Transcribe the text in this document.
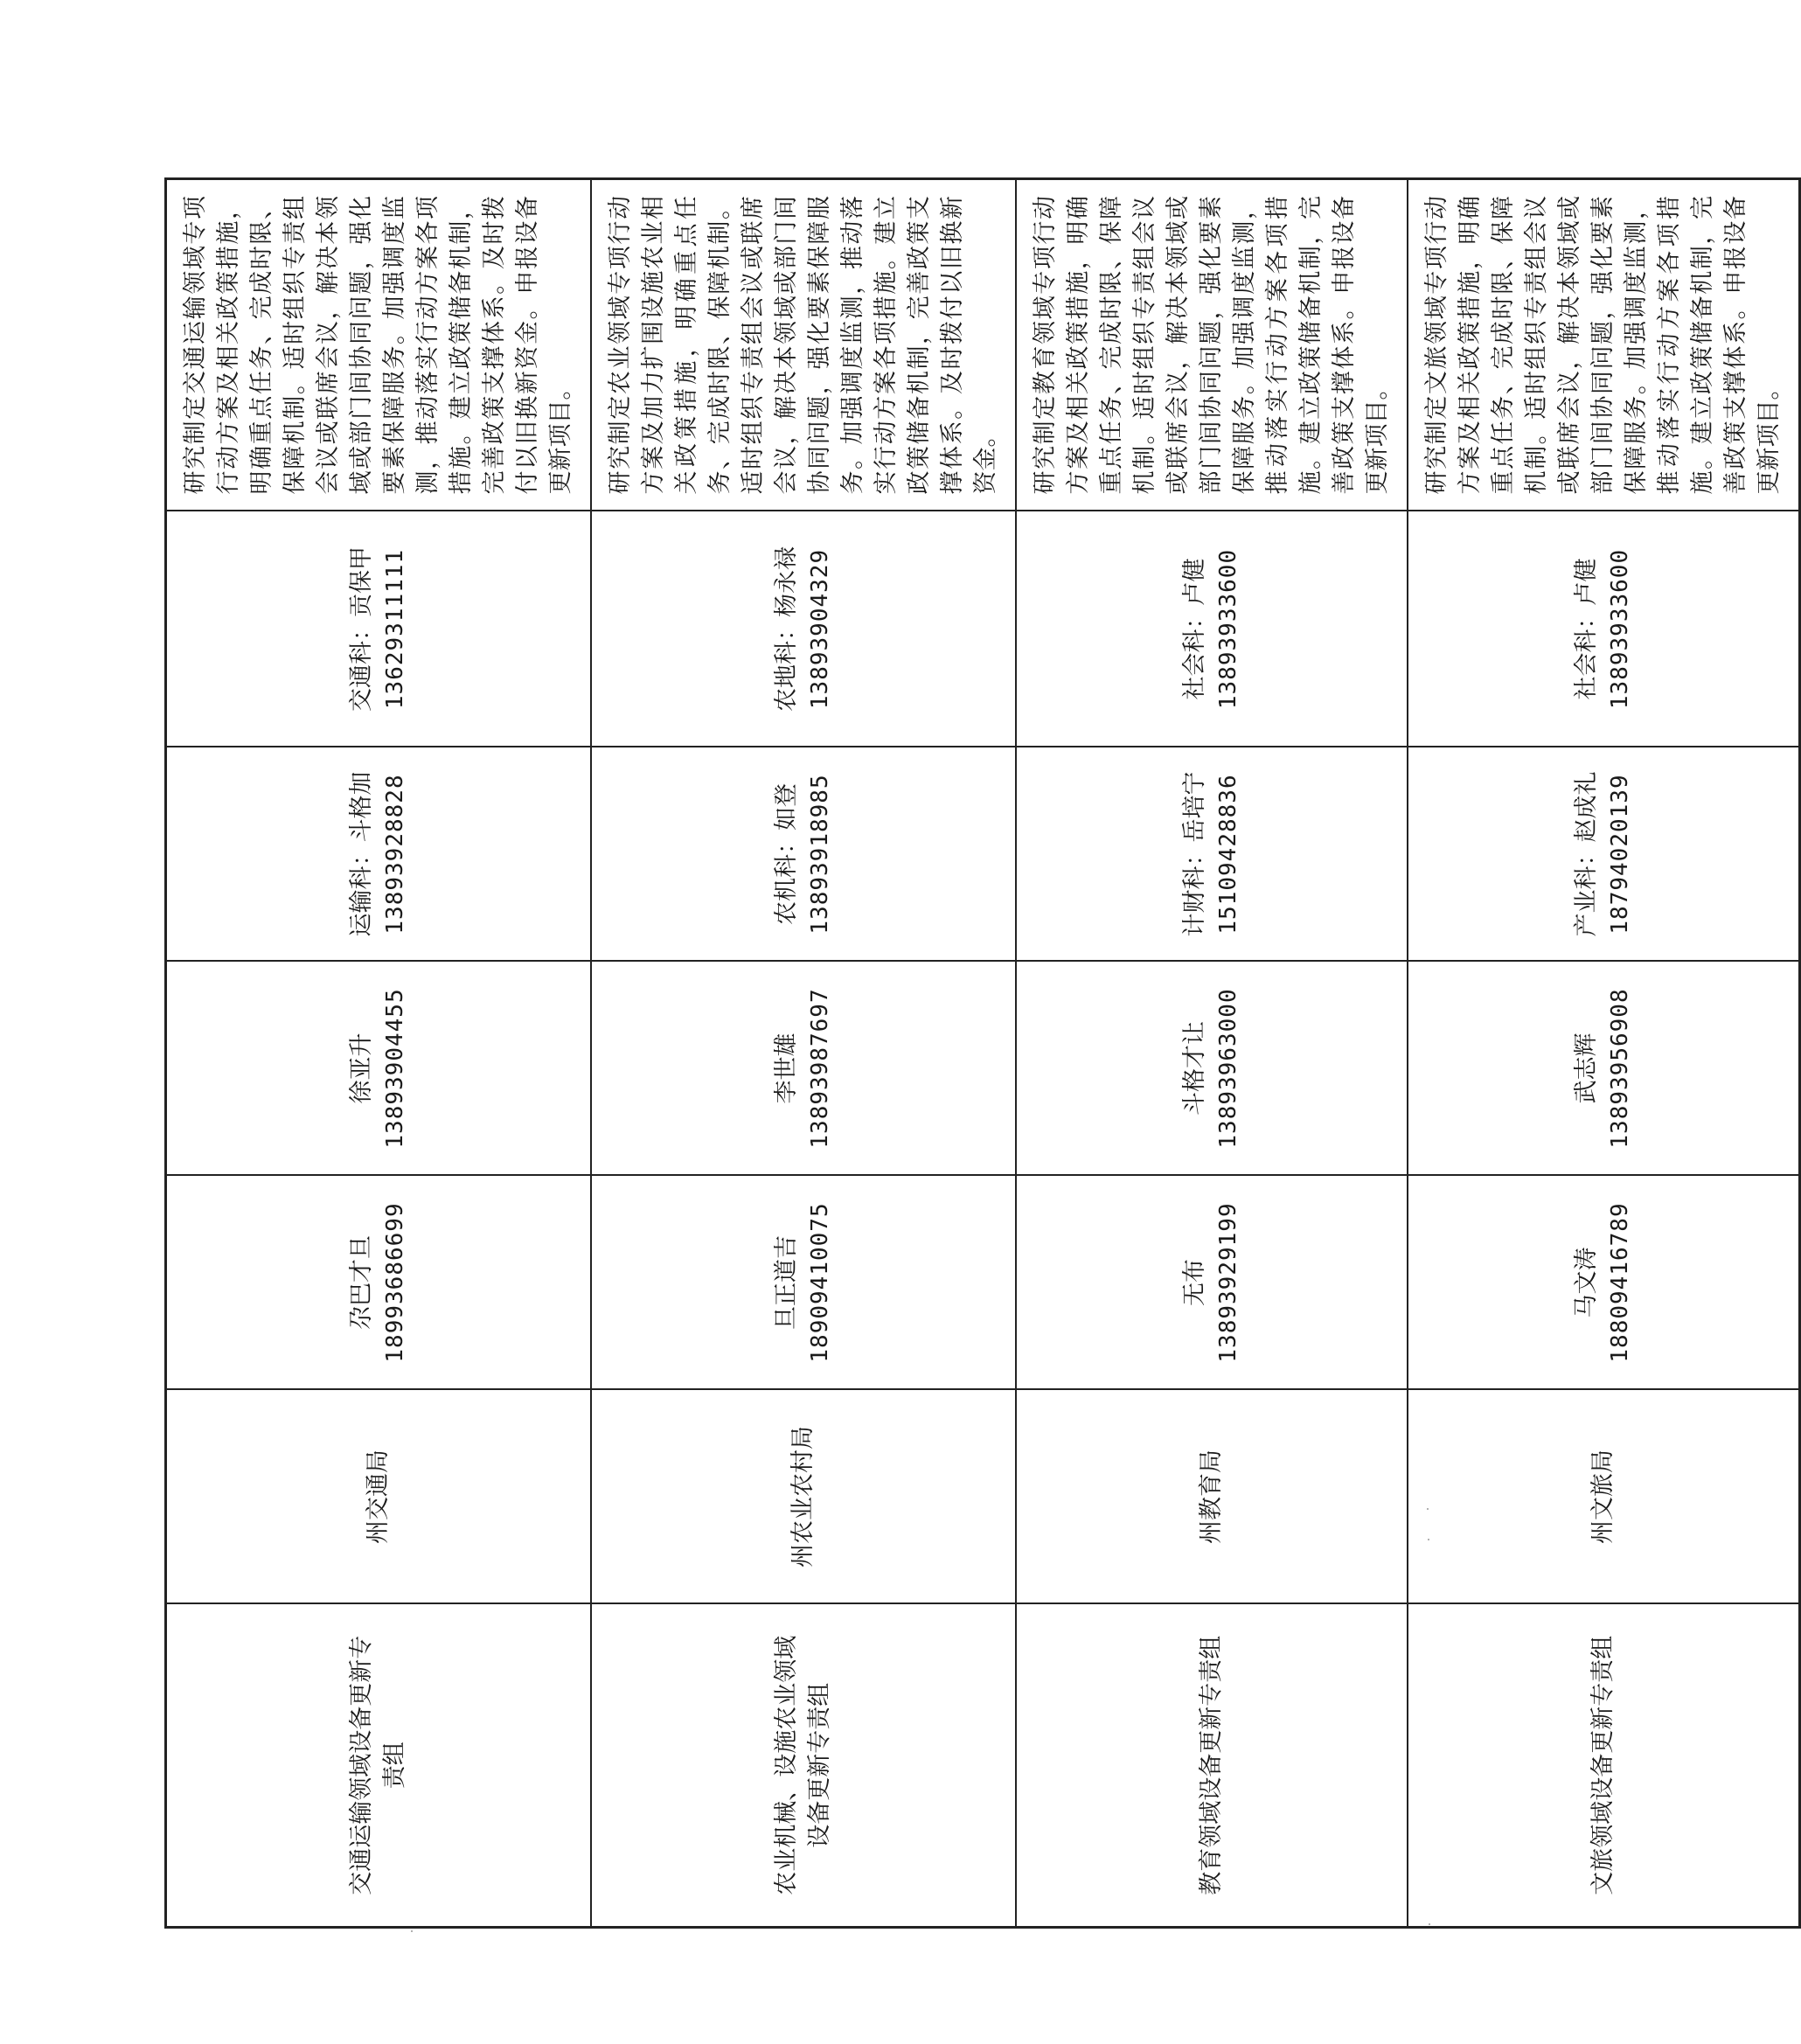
交通运输领域设备更新专责组	州交通局	尕巴才旦 18993686699	徐亚升 13893904455	运输科：斗格加 13893928828	交通科：贡保甲 13629311111	研究制定交通运输领域专项行动方案及相关政策措施，明确重点任务、完成时限、保障机制。适时组织专责组会议或联席会议，解决本领域或部门间协同问题，强化要素保障服务。加强调度监测，推动落实行动方案各项措施。建立政策储备机制，完善政策支撑体系。及时拨付以旧换新资金。申报设备更新项目。
农业机械、设施农业领域设备更新专责组	州农业农村局	旦正道吉 18909410075	李世雄 13893987697	农机科：如登 13893918985	农地科：杨永禄 13893904329	研究制定农业领域专项行动方案及加力扩围设施农业相关政策措施，明确重点任务、完成时限、保障机制。适时组织专责组会议或联席会议，解决本领域或部门间协同问题，强化要素保障服务。加强调度监测，推动落实行动方案各项措施。建立政策储备机制，完善政策支撑体系。及时拨付以旧换新资金。
教育领域设备更新专责组	州教育局	无布 13893929199	斗格才让 13893963000	计财科：岳培宁 15109428836	社会科：卢健 13893933600	研究制定教育领域专项行动方案及相关政策措施，明确重点任务、完成时限、保障机制。适时组织专责组会议或联席会议，解决本领域或部门间协同问题，强化要素保障服务。加强调度监测，推动落实行动方案各项措施。建立政策储备机制，完善政策支撑体系。申报设备更新项目。
文旅领域设备更新专责组	州文旅局	马文涛 18809416789	武志辉 13893956908	产业科：赵成礼 18794020139	社会科：卢健 13893933600	研究制定文旅领域专项行动方案及相关政策措施，明确重点任务、完成时限、保障机制。适时组织专责组会议或联席会议，解决本领域或部门间协同问题，强化要素保障服务。加强调度监测，推动落实行动方案各项措施。建立政策储备机制，完善政策支撑体系。申报设备更新项目。
